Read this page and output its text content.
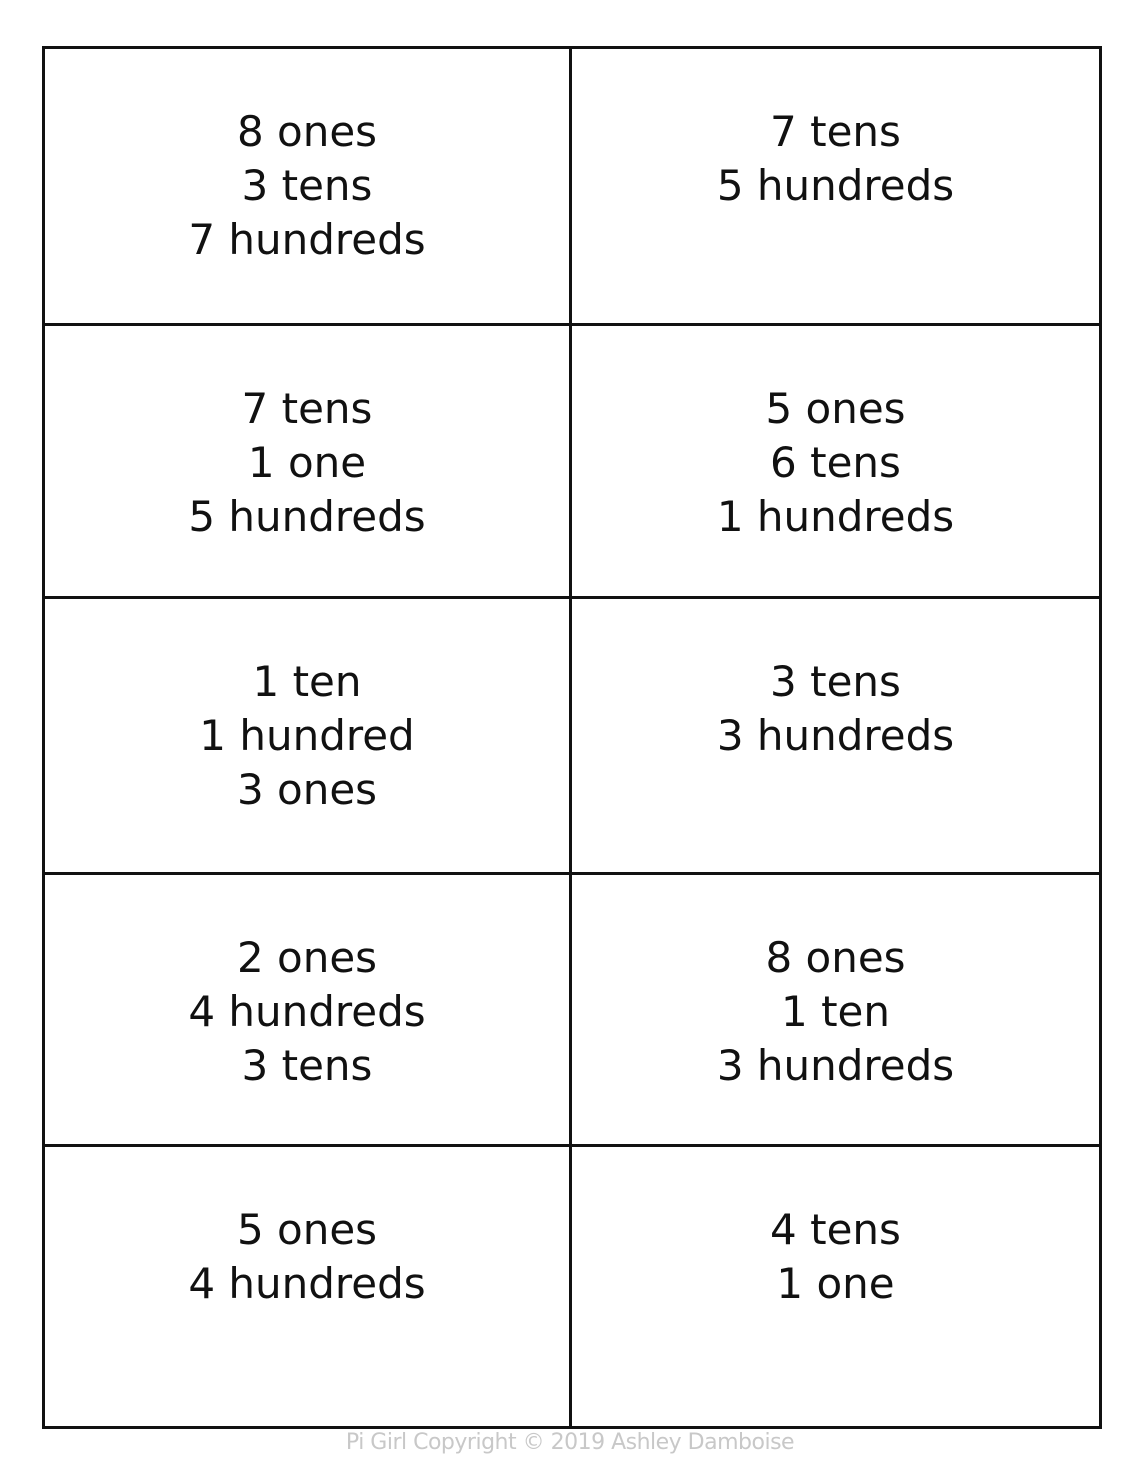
8 ones
3 tens
7 hundreds
7 tens
5 hundreds
7 tens
1 one
5 hundreds
5 ones
6 tens
1 hundreds
1 ten
1 hundred
3 ones
3 tens
3 hundreds
2 ones
4 hundreds
3 tens
8 ones
1 ten
3 hundreds
5 ones
4 hundreds
4 tens
1 one
Pi Girl Copyright © 2019 Ashley Damboise
